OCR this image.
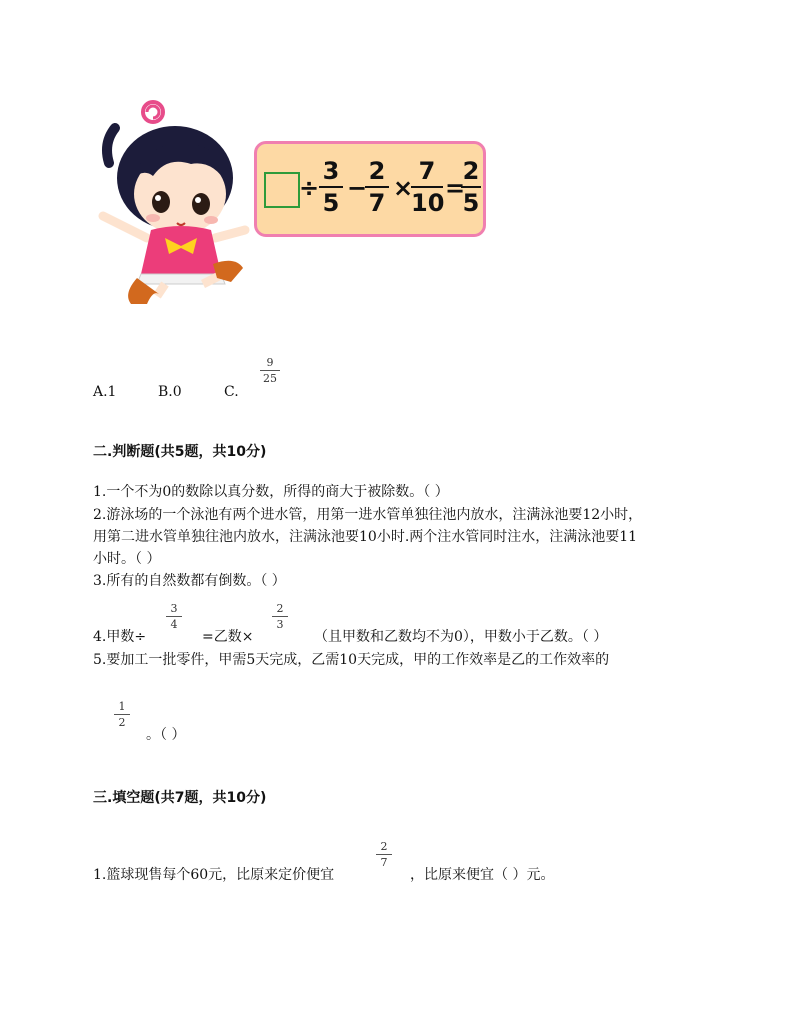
÷
3
5
−
2
7
×
7
10
=
2
5
A.1	B.0	C.
9
25
二.判断题(共5题，共10分)
1.一个不为0的数除以真分数，所得的商大于被除数。（ ）
2.游泳场的一个泳池有两个进水管，用第一进水管单独往池内放水，注满泳池要12小时，
用第二进水管单独往池内放水，注满泳池要10小时.两个注水管同时注水，注满泳池要11
小时。（ ）
3.所有的自然数都有倒数。（ ）
4.甲数÷
3
4
=乙数×
2
3
（且甲数和乙数均不为0），甲数小于乙数。（ ）
5.要加工一批零件，甲需5天完成，乙需10天完成，甲的工作效率是乙的工作效率的
1
2
。（ ）
三.填空题(共7题，共10分)
1.篮球现售每个60元，比原来定价便宜
2
7
，比原来便宜（ ）元。
